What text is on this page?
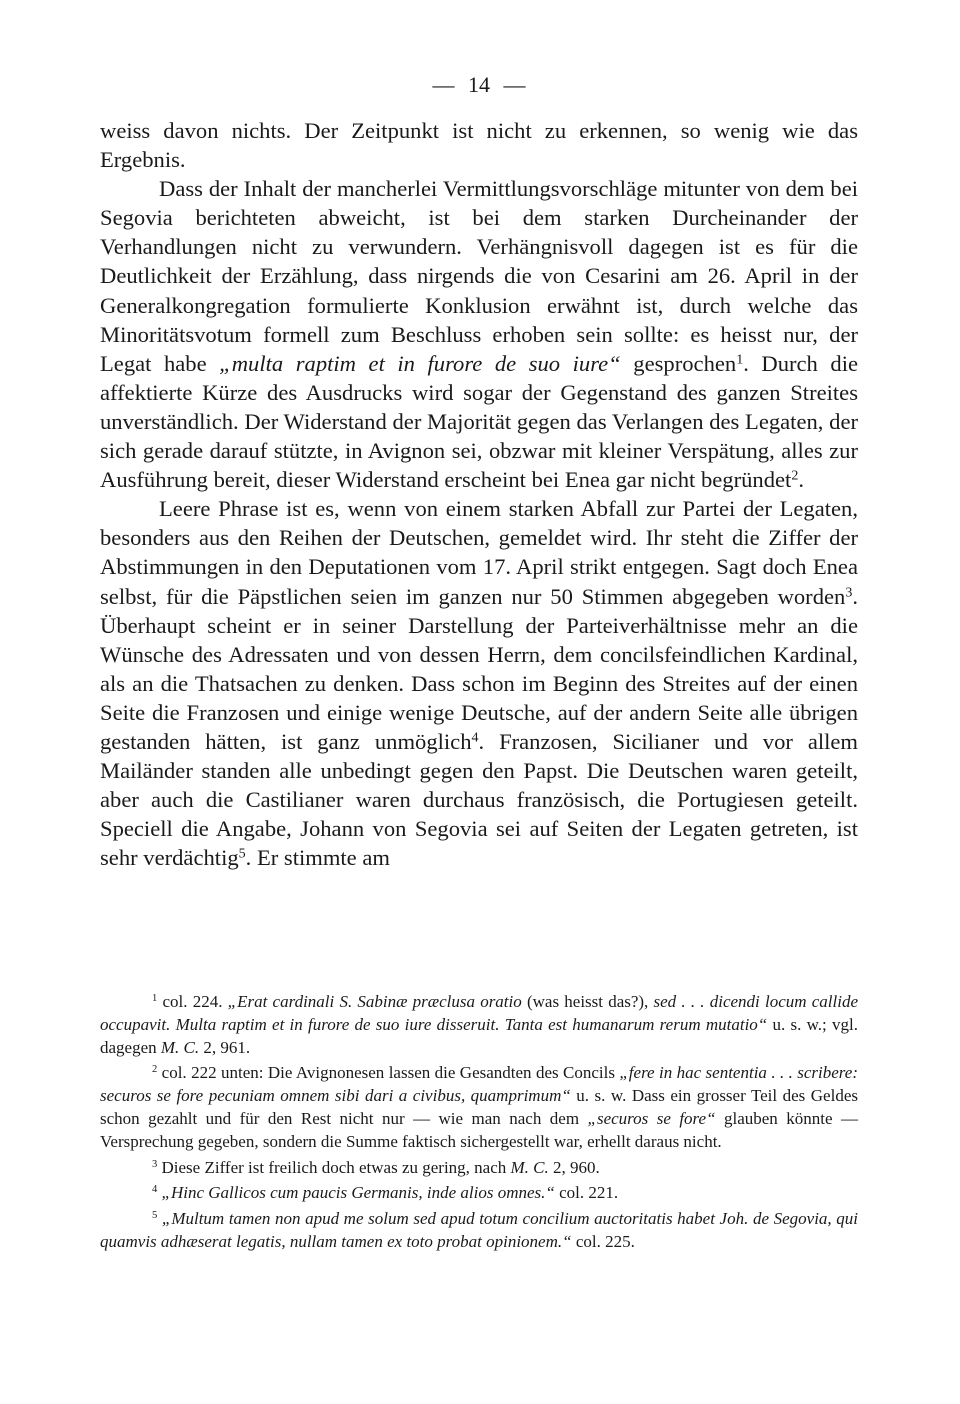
— 14 —

weiss davon nichts. Der Zeitpunkt ist nicht zu erkennen, so wenig wie das Ergebnis.

Dass der Inhalt der mancherlei Vermittlungsvorschläge mitunter von dem bei Segovia berichteten abweicht, ist bei dem starken Durcheinander der Verhandlungen nicht zu verwundern. Verhängnisvoll dagegen ist es für die Deutlichkeit der Erzählung, dass nirgends die von Cesarini am 26. April in der Generalkongregation formulierte Konklusion erwähnt ist, durch welche das Minoritätsvotum formell zum Beschluss erhoben sein sollte: es heisst nur, der Legat habe „multa raptim et in furore de suo iure“ gesprochen$^1$. Durch die affektierte Kürze des Ausdrucks wird sogar der Gegenstand des ganzen Streites unverständlich. Der Widerstand der Majorität gegen das Verlangen des Legaten, der sich gerade darauf stützte, in Avignon sei, obzwar mit kleiner Verspätung, alles zur Ausführung bereit, dieser Widerstand erscheint bei Enea gar nicht begründet$^2$.

Leere Phrase ist es, wenn von einem starken Abfall zur Partei der Legaten, besonders aus den Reihen der Deutschen, gemeldet wird. Ihr steht die Ziffer der Abstimmungen in den Deputationen vom 17. April strikt entgegen. Sagt doch Enea selbst, für die Päpstlichen seien im ganzen nur 50 Stimmen abgegeben worden$^3$. Überhaupt scheint er in seiner Darstellung der Parteiverhältnisse mehr an die Wünsche des Adressaten und von dessen Herrn, dem concilsfeindlichen Kardinal, als an die Thatsachen zu denken. Dass schon im Beginn des Streites auf der einen Seite die Franzosen und einige wenige Deutsche, auf der andern Seite alle übrigen gestanden hätten, ist ganz unmöglich$^4$. Franzosen, Sicilianer und vor allem Mailänder standen alle unbedingt gegen den Papst. Die Deutschen waren geteilt, aber auch die Castilianer waren durchaus französisch, die Portugiesen geteilt. Speciell die Angabe, Johann von Segovia sei auf Seiten der Legaten getreten, ist sehr verdächtig$^5$. Er stimmte am

$^1$ col. 224. „Erat cardinali S. Sabinæ præclusa oratio (was heisst das?), sed . . . dicendi locum callide occupavit. Multa raptim et in furore de suo iure disseruit. Tanta est humanarum rerum mutatio“ u. s. w.; vgl. dagegen M. C. 2, 961.

$^2$ col. 222 unten: Die Avignonesen lassen die Gesandten des Concils „fere in hac sententia . . . scribere: securos se fore pecuniam omnem sibi dari a civibus, quamprimum“ u. s. w. Dass ein grosser Teil des Geldes schon gezahlt und für den Rest nicht nur — wie man nach dem „securos se fore“ glauben könnte — Versprechung gegeben, sondern die Summe faktisch sichergestellt war, erhellt daraus nicht.

$^3$ Diese Ziffer ist freilich doch etwas zu gering, nach M. C. 2, 960.

$^4$ „Hinc Gallicos cum paucis Germanis, inde alios omnes.“ col. 221.

$^5$ „Multum tamen non apud me solum sed apud totum concilium auctoritatis habet Joh. de Segovia, qui quamvis adhæserat legatis, nullam tamen ex toto probat opinionem.“ col. 225.
